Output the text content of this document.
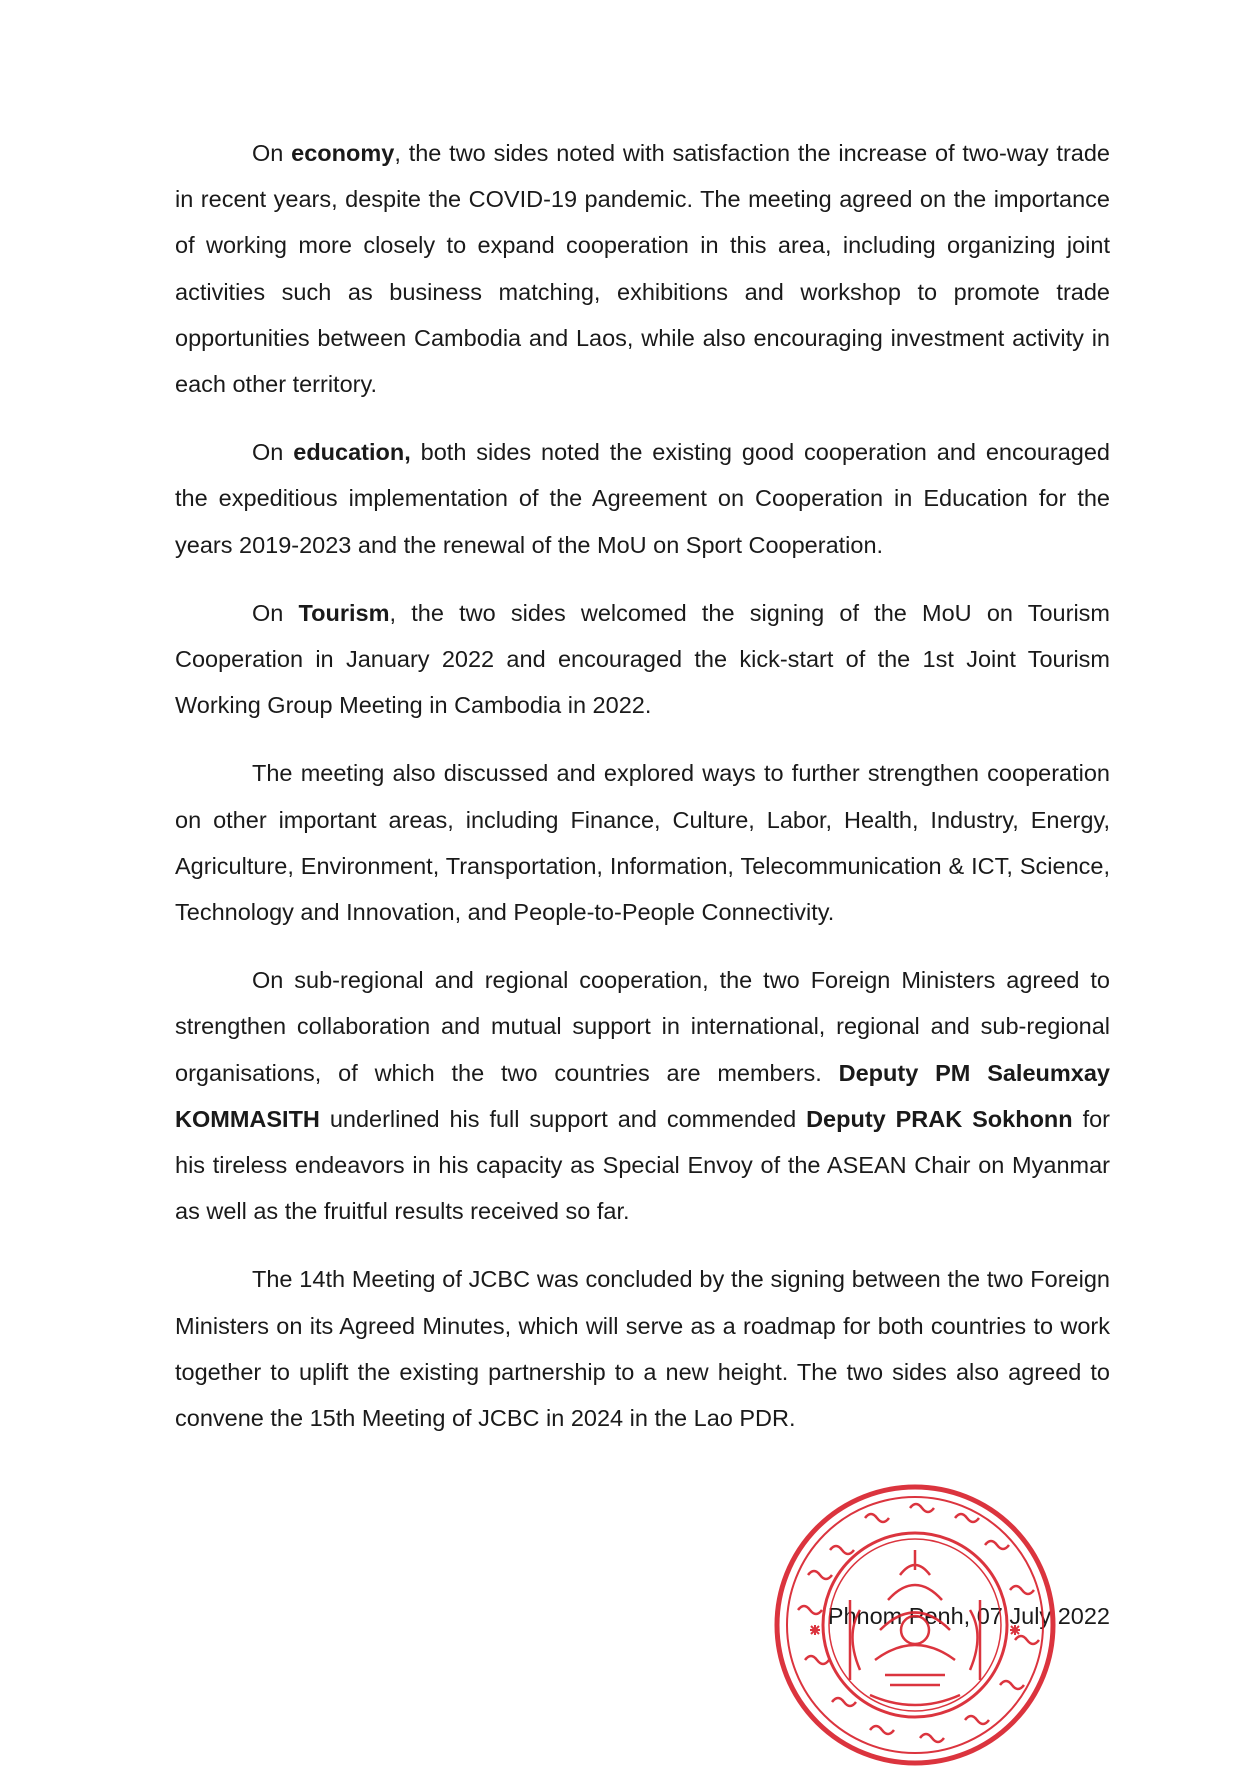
On economy, the two sides noted with satisfaction the increase of two-way trade in recent years, despite the COVID-19 pandemic. The meeting agreed on the importance of working more closely to expand cooperation in this area, including organizing joint activities such as business matching, exhibitions and workshop to promote trade opportunities between Cambodia and Laos, while also encouraging investment activity in each other territory.

On education, both sides noted the existing good cooperation and encouraged the expeditious implementation of the Agreement on Cooperation in Education for the years 2019-2023 and the renewal of the MoU on Sport Cooperation.

On Tourism, the two sides welcomed the signing of the MoU on Tourism Cooperation in January 2022 and encouraged the kick-start of the 1st Joint Tourism Working Group Meeting in Cambodia in 2022.

The meeting also discussed and explored ways to further strengthen cooperation on other important areas, including Finance, Culture, Labor, Health, Industry, Energy, Agriculture, Environment, Transportation, Information, Telecommunication & ICT, Science, Technology and Innovation, and People-to-People Connectivity.

On sub-regional and regional cooperation, the two Foreign Ministers agreed to strengthen collaboration and mutual support in international, regional and sub-regional organisations, of which the two countries are members. Deputy PM Saleumxay KOMMASITH underlined his full support and commended Deputy PRAK Sokhonn for his tireless endeavors in his capacity as Special Envoy of the ASEAN Chair on Myanmar as well as the fruitful results received so far.

The 14th Meeting of JCBC was concluded by the signing between the two Foreign Ministers on its Agreed Minutes, which will serve as a roadmap for both countries to work together to uplift the existing partnership to a new height. The two sides also agreed to convene the 15th Meeting of JCBC in 2024 in the Lao PDR.

Phnom Penh, 07 July 2022
